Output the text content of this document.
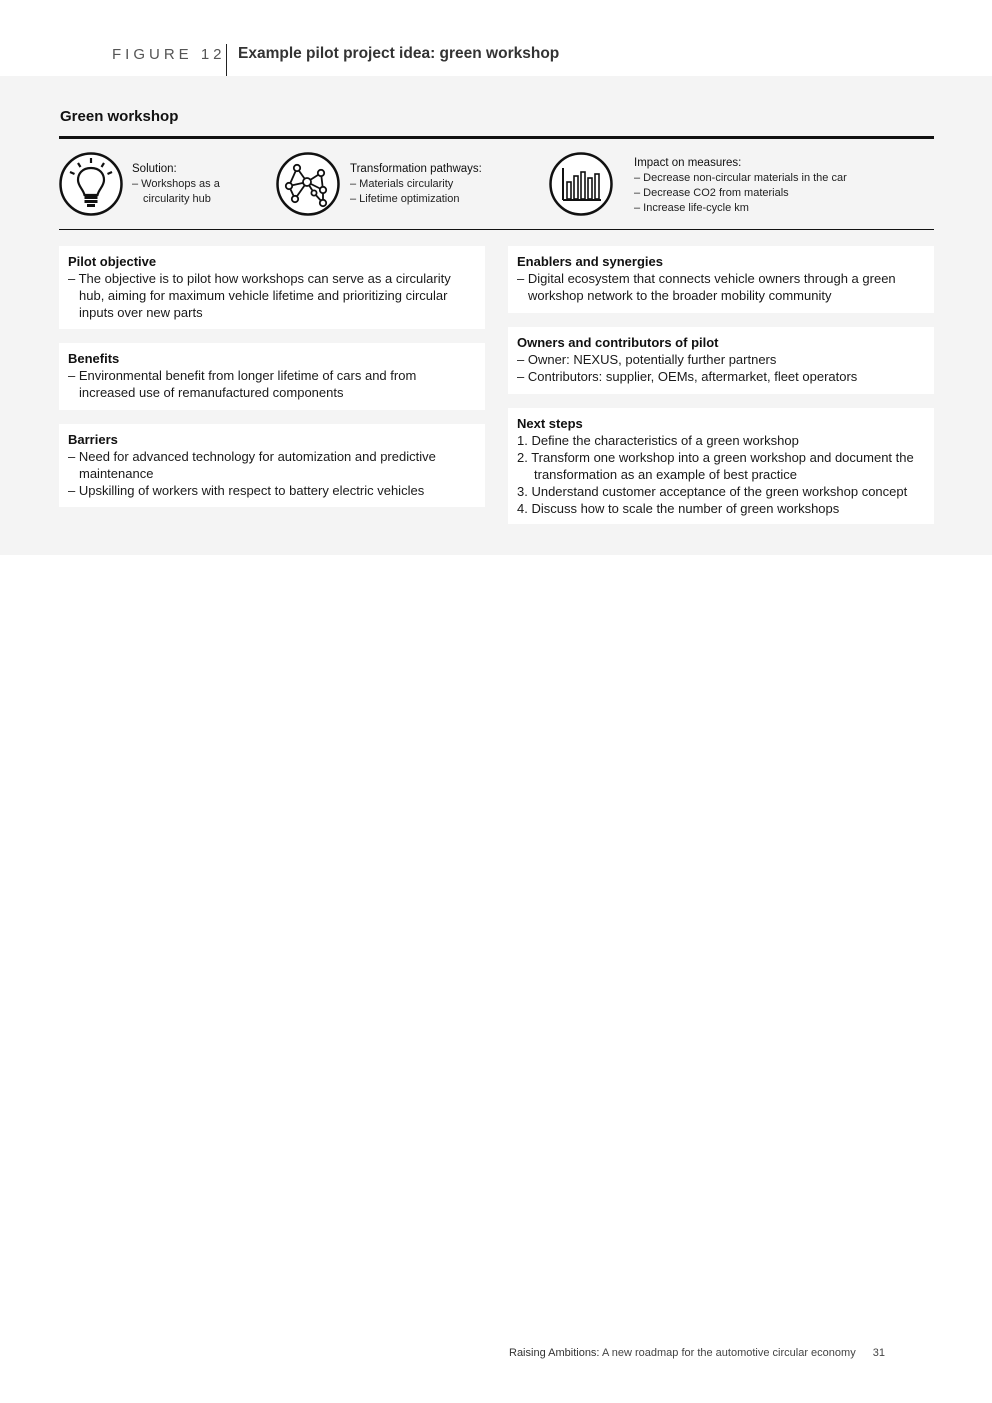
FIGURE 12 Example pilot project idea: green workshop
Green workshop
Solution:
– Workshops as a
circularity hub
Transformation pathways:
– Materials circularity
– Lifetime optimization
Impact on measures:
– Decrease non-circular materials in the car
– Decrease CO2 from materials
– Increase life-cycle km
Pilot objective
– The objective is to pilot how workshops can serve as a circularity hub, aiming for maximum vehicle lifetime and prioritizing circular inputs over new parts
Benefits
– Environmental benefit from longer lifetime of cars and from increased use of remanufactured components
Barriers
– Need for advanced technology for automization and predictive maintenance
– Upskilling of workers with respect to battery electric vehicles
Enablers and synergies
– Digital ecosystem that connects vehicle owners through a green workshop network to the broader mobility community
Owners and contributors of pilot
– Owner: NEXUS, potentially further partners
– Contributors: supplier, OEMs, aftermarket, fleet operators
Next steps
1. Define the characteristics of a green workshop
2. Transform one workshop into a green workshop and document the transformation as an example of best practice
3. Understand customer acceptance of the green workshop concept
4. Discuss how to scale the number of green workshops
Raising Ambitions: A new roadmap for the automotive circular economy 31
